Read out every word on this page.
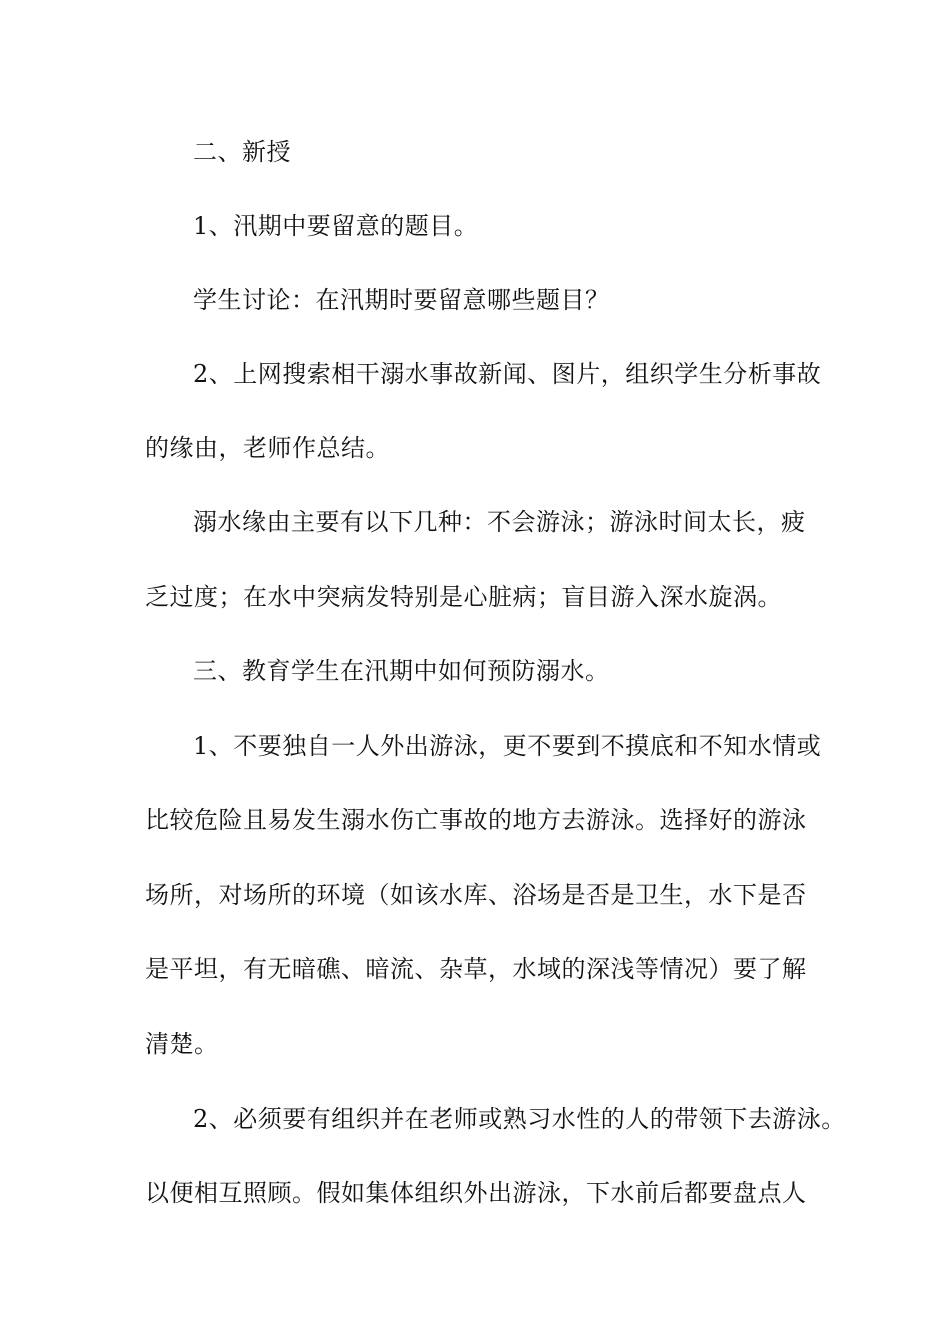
二、新授
1、汛期中要留意的题目。
学生讨论：在汛期时要留意哪些题目？
2、上网搜索相干溺水事故新闻、图片，组织学生分析事故
的缘由，老师作总结。
溺水缘由主要有以下几种：不会游泳；游泳时间太长，疲
乏过度；在水中突病发特别是心脏病；盲目游入深水旋涡。
三、教育学生在汛期中如何预防溺水。
1、不要独自一人外出游泳，更不要到不摸底和不知水情或
比较危险且易发生溺水伤亡事故的地方去游泳。选择好的游泳
场所，对场所的环境（如该水库、浴场是否是卫生，水下是否
是平坦，有无暗礁、暗流、杂草，水域的深浅等情况）要了解
清楚。
2、必须要有组织并在老师或熟习水性的人的带领下去游泳。
以便相互照顾。假如集体组织外出游泳，下水前后都要盘点人
